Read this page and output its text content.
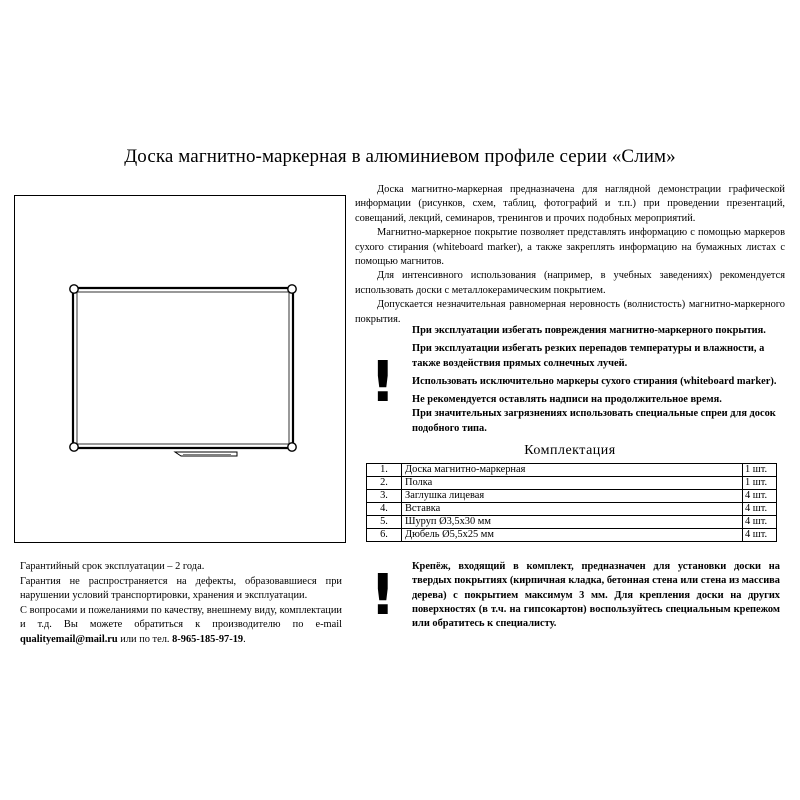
Доска магнитно-маркерная в алюминиевом профиле серии «Слим»

Доска магнитно-маркерная предназначена для наглядной демонстрации графической информации (рисунков, схем, таблиц, фотографий и т.п.) при проведении презентаций, совещаний, лекций, семинаров, тренингов и прочих подобных мероприятий.

Магнитно-маркерное покрытие позволяет представлять информацию с помощью маркеров сухого стирания (whiteboard marker), а также закреплять информацию на бумажных листах с помощью магнитов.

Для интенсивного использования (например, в учебных заведениях) рекомендуется использовать доски с металлокерамическим покрытием.

Допускается незначительная равномерная неровность (волнистость) магнитно-маркерного покрытия.

!

При эксплуатации избегать повреждения магнитно-маркерного покрытия.

При эксплуатации избегать резких перепадов температуры и влажности, а также воздействия прямых солнечных лучей.

Использовать исключительно маркеры сухого стирания (whiteboard marker).

Не рекомендуется оставлять надписи на продолжительное время.

При значительных загрязнениях использовать специальные спреи для досок подобного типа.

Комплектация
1.	Доска магнитно-маркерная	1 шт.
2.	Полка	1 шт.
3.	Заглушка лицевая	4 шт.
4.	Вставка	4 шт.
5.	Шуруп Ø3,5х30 мм	4 шт.
6.	Дюбель Ø5,5х25 мм	4 шт.
! Крепёж, входящий в комплект, предназначен для установки доски на твердых покрытиях (кирпичная кладка, бетонная стена или стена из массива дерева) с покрытием максимум 3 мм. Для крепления доски на других поверхностях (в т.ч. на гипсокартон) воспользуйтесь специальным крепежом или обратитесь к специалисту.

Гарантийный срок эксплуатации – 2 года.

Гарантия не распространяется на дефекты, образовавшиеся при нарушении условий транспортировки, хранения и эксплуатации.

С вопросами и пожеланиями по качеству, внешнему виду, комплектации и т.д. Вы можете обратиться к производителю по e-mail qualityemail@mail.ru или по тел. 8-965-185-97-19.
